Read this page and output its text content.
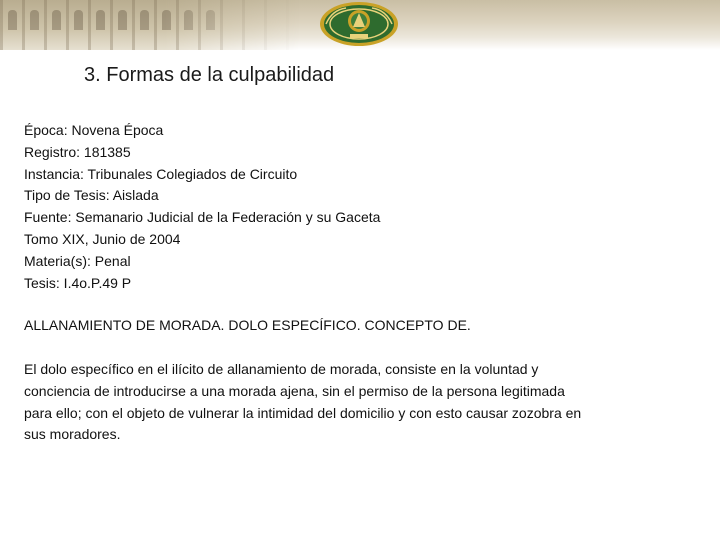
3. Formas de la culpabilidad
Época: Novena Época
Registro: 181385
Instancia: Tribunales Colegiados de Circuito
Tipo de Tesis: Aislada
Fuente: Semanario Judicial de la Federación y su Gaceta
Tomo XIX, Junio de 2004
Materia(s): Penal
Tesis: I.4o.P.49 P
ALLANAMIENTO DE MORADA. DOLO ESPECÍFICO. CONCEPTO DE.
El dolo específico en el ilícito de allanamiento de morada, consiste en la voluntad y
conciencia de introducirse a una morada ajena, sin el permiso de la persona legitimada
para ello; con el objeto de vulnerar la intimidad del domicilio y con esto causar zozobra en
sus moradores.
